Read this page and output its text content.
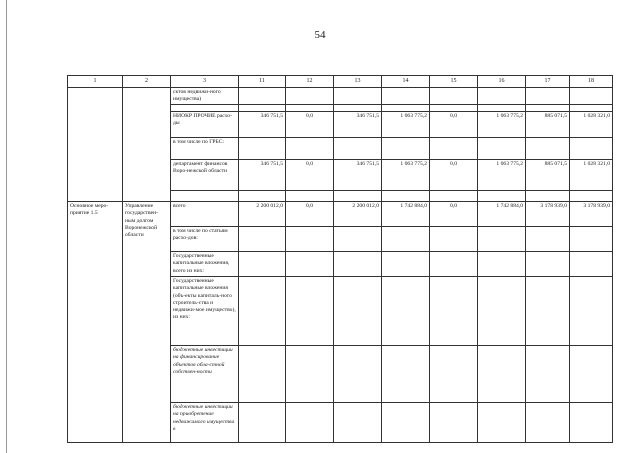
54
1	2	3	11	12	13	14	15	16	17	18
		сктов недвижи-ного имущества)								

		НИОКР ПРОЧИЕ расхо-ды	346 751,5	0,0	346 751,5	1 063 775,2	0,0	1 063 775,2	885 071,5	1 028 321,0
		в том числе по ГРБС:								
		департамент финансов Воро-нежской области	346 751,5	0,0	346 751,5	1 063 775,2	0,0	1 063 775,2	885 071,5	1 028 321,0

Основное меро-приятие 1.5	Управление государствен-ным долгом Воронежской области	всего	2 200 012,0	0,0	2 200 012,0	1 742 884,0	0,0	1 742 884,0	3 178 939,0	3 178 939,0
		в том числе по статьям расхо-дов:								
		Государственные капитальные вложения, всего из них:								
		Государственные капитальные вложения (объ-екты капиталь-ного строитель-ства и недвижи-мое имущество), из них:								
		бюджетные инвестиции на финансирование объектов обла-стной собствен-ности								
		бюджетные инвестиции на приобретение недвижимого имущества в								
